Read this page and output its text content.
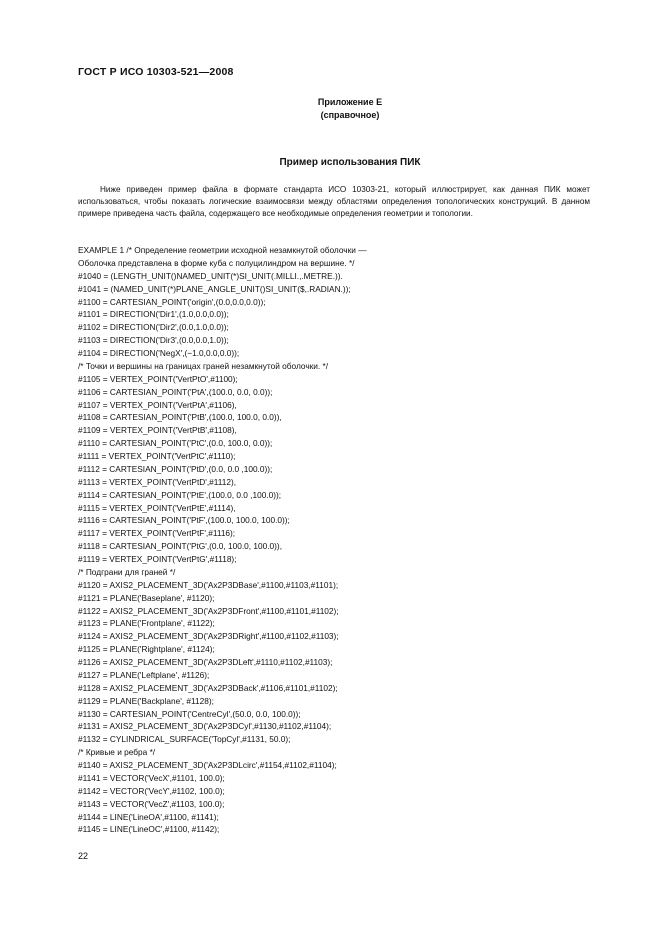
ГОСТ Р ИСО 10303-521—2008
Приложение Е
(справочное)
Пример использования ПИК

Ниже приведен пример файла в формате стандарта ИСО 10303-21, который иллюстрирует, как данная ПИК может использоваться, чтобы показать логические взаимосвязи между областями определения топологических конструкций. В данном примере приведена часть файла, содержащего все необходимые определения геометрии и топологии.

EXAMPLE 1 /* Определение геометрии исходной незамкнутой оболочки —
Оболочка представлена в форме куба с полуцилиндром на вершине. */
#1040 = (LENGTH_UNIT()NAMED_UNIT(*)SI_UNIT(.MILLI.,.METRE.)).
#1041 = (NAMED_UNIT(*)PLANE_ANGLE_UNIT()SI_UNIT($,.RADIAN.));
#1100 = CARTESIAN_POINT('origin',(0.0,0.0,0.0));
#1101 = DIRECTION('Dir1',(1.0,0.0,0.0));
#1102 = DIRECTION('Dir2',(0.0,1.0,0.0));
#1103 = DIRECTION('Dir3',(0.0,0.0,1.0));
#1104 = DIRECTION('NegX',(−1.0,0.0,0.0));
/* Точки и вершины на границах граней незамкнутой оболочки. */
#1105 = VERTEX_POINT('VertPtO',#1100);
#1106 = CARTESIAN_POINT('PtA',(100.0, 0.0, 0.0));
#1107 = VERTEX_POINT('VertPtA',#1106),
#1108 = CARTESIAN_POINT('PtB',(100.0, 100.0, 0.0)),
#1109 = VERTEX_POINT('VertPtB',#1108),
#1110 = CARTESIAN_POINT('PtC',(0.0, 100.0, 0.0));
#1111 = VERTEX_POINT('VertPtC',#1110);
#1112 = CARTESIAN_POINT('PtD',(0.0, 0.0 ,100.0));
#1113 = VERTEX_POINT('VertPtD',#1112),
#1114 = CARTESIAN_POINT('PtE',(100.0, 0.0 ,100.0));
#1115 = VERTEX_POINT('VertPtE',#1114),
#1116 = CARTESIAN_POINT('PtF',(100.0, 100.0, 100.0));
#1117 = VERTEX_POINT('VertPtF',#1116);
#1118 = CARTESIAN_POINT('PtG',(0.0, 100.0, 100.0)),
#1119 = VERTEX_POINT('VertPtG',#1118);
/* Подграни для граней */
#1120 = AXIS2_PLACEMENT_3D('Ax2P3DBase',#1100,#1103,#1101);
#1121 = PLANE('Baseplane', #1120);
#1122 = AXIS2_PLACEMENT_3D('Ax2P3DFront',#1100,#1101,#1102);
#1123 = PLANE('Frontplane', #1122);
#1124 = AXIS2_PLACEMENT_3D('Ax2P3DRight',#1100,#1102,#1103);
#1125 = PLANE('Rightplane', #1124);
#1126 = AXIS2_PLACEMENT_3D('Ax2P3DLeft',#1110,#1102,#1103);
#1127 = PLANE('Leftplane', #1126);
#1128 = AXIS2_PLACEMENT_3D('Ax2P3DBack',#1106,#1101,#1102);
#1129 = PLANE('Backplane', #1128);
#1130 = CARTESIAN_POINT('CentreCyl',(50.0, 0.0, 100.0));
#1131 = AXIS2_PLACEMENT_3D('Ax2P3DCyl',#1130,#1102,#1104);
#1132 = CYLINDRICAL_SURFACE('TopCyl',#1131, 50.0);
/* Кривые и ребра */
#1140 = AXIS2_PLACEMENT_3D('Ax2P3DLcirc',#1154,#1102,#1104);
#1141 = VECTOR('VecX',#1101, 100.0);
#1142 = VECTOR('VecY',#1102, 100.0);
#1143 = VECTOR('VecZ',#1103, 100.0);
#1144 = LINE('LineOA',#1100, #1141);
#1145 = LINE('LineOC',#1100, #1142);
22
